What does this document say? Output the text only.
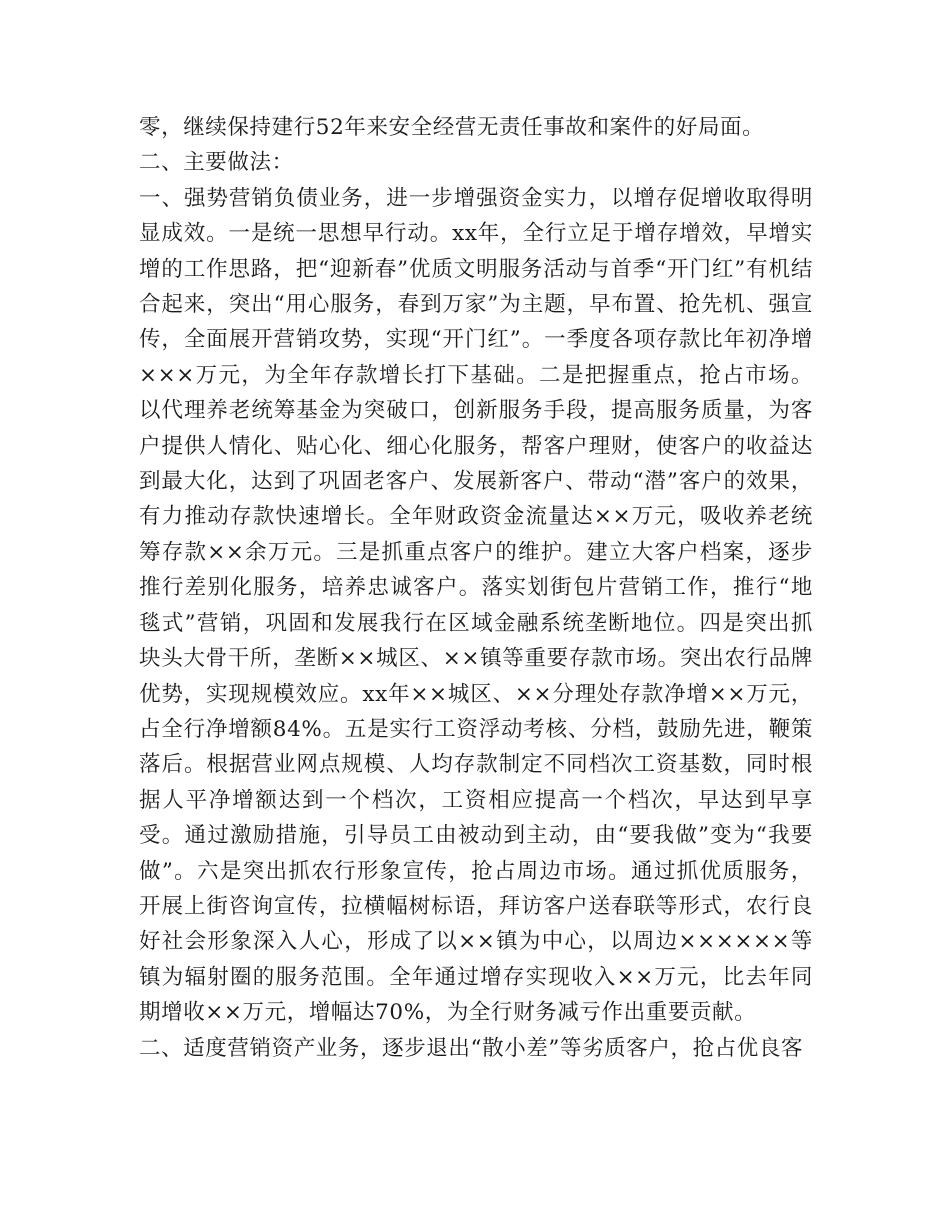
零，继续保持建行52年来安全经营无责任事故和案件的好局面。

二、主要做法：

一、强势营销负债业务，进一步增强资金实力，以增存促增收取得明显成效。一是统一思想早行动。xx年，全行立足于增存增效，早增实增的工作思路，把“迎新春”优质文明服务活动与首季“开门红”有机结合起来，突出“用心服务，春到万家”为主题，早布置、抢先机、强宣传，全面展开营销攻势，实现“开门红”。一季度各项存款比年初净增×××万元，为全年存款增长打下基础。二是把握重点，抢占市场。以代理养老统筹基金为突破口，创新服务手段，提高服务质量，为客户提供人情化、贴心化、细心化服务，帮客户理财，使客户的收益达到最大化，达到了巩固老客户、发展新客户、带动“潜”客户的效果，有力推动存款快速增长。全年财政资金流量达××万元，吸收养老统筹存款××余万元。三是抓重点客户的维护。建立大客户档案，逐步推行差别化服务，培养忠诚客户。落实划街包片营销工作，推行“地毯式”营销，巩固和发展我行在区域金融系统垄断地位。四是突出抓块头大骨干所，垄断××城区、××镇等重要存款市场。突出农行品牌优势，实现规模效应。xx年××城区、××分理处存款净增××万元，占全行净增额84%。五是实行工资浮动考核、分档，鼓励先进，鞭策落后。根据营业网点规模、人均存款制定不同档次工资基数，同时根据人平净增额达到一个档次，工资相应提高一个档次，早达到早享受。通过激励措施，引导员工由被动到主动，由“要我做”变为“我要做”。六是突出抓农行形象宣传，抢占周边市场。通过抓优质服务，开展上街咨询宣传，拉横幅树标语，拜访客户送春联等形式，农行良好社会形象深入人心，形成了以××镇为中心，以周边××××××等镇为辐射圈的服务范围。全年通过增存实现收入××万元，比去年同期增收××万元，增幅达70%，为全行财务减亏作出重要贡献。

二、适度营销资产业务，逐步退出“散小差”等劣质客户，抢占优良客
